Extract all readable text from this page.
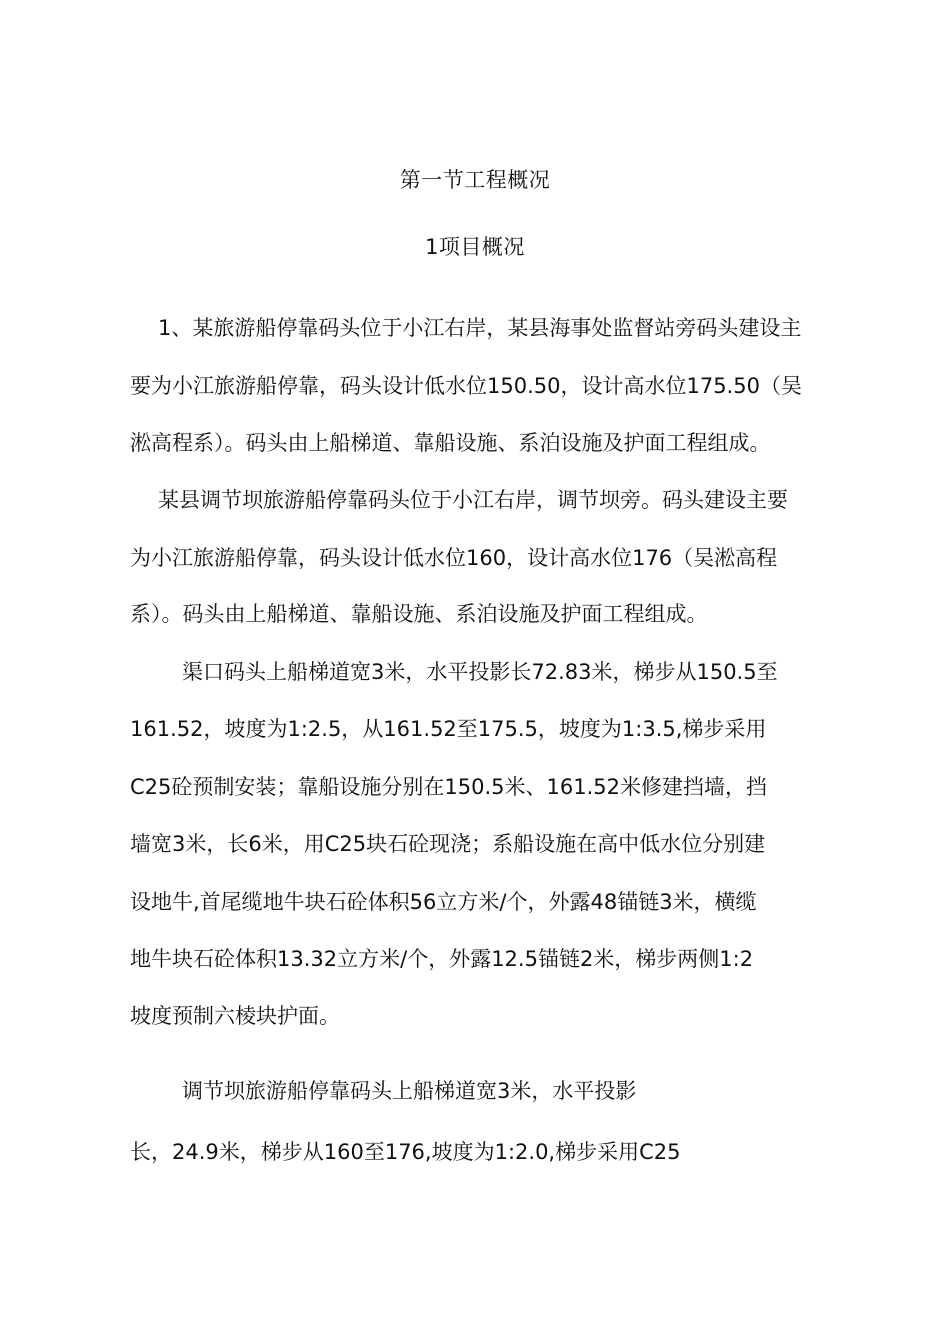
第一节工程概况
1项目概况
1、某旅游船停靠码头位于小江右岸，某县海事处监督站旁码头建设主
要为小江旅游船停靠，码头设计低水位150.50，设计高水位175.50（吴
淞高程系）。码头由上船梯道、靠船设施、系泊设施及护面工程组成。
某县调节坝旅游船停靠码头位于小江右岸，调节坝旁。码头建设主要
为小江旅游船停靠，码头设计低水位160，设计高水位176（吴淞高程
系）。码头由上船梯道、靠船设施、系泊设施及护面工程组成。
渠口码头上船梯道宽3米，水平投影长72.83米，梯步从150.5至
161.52，坡度为1:2.5，从161.52至175.5，坡度为1:3.5,梯步采用
C25砼预制安装；靠船设施分别在150.5米、161.52米修建挡墙，挡
墙宽3米，长6米，用C25块石砼现浇；系船设施在高中低水位分别建
设地牛,首尾缆地牛块石砼体积56立方米/个，外露48锚链3米，横缆
地牛块石砼体积13.32立方米/个，外露12.5锚链2米，梯步两侧1:2
坡度预制六棱块护面。
调节坝旅游船停靠码头上船梯道宽3米，水平投影
长，24.9米，梯步从160至176,坡度为1:2.0,梯步采用C25
